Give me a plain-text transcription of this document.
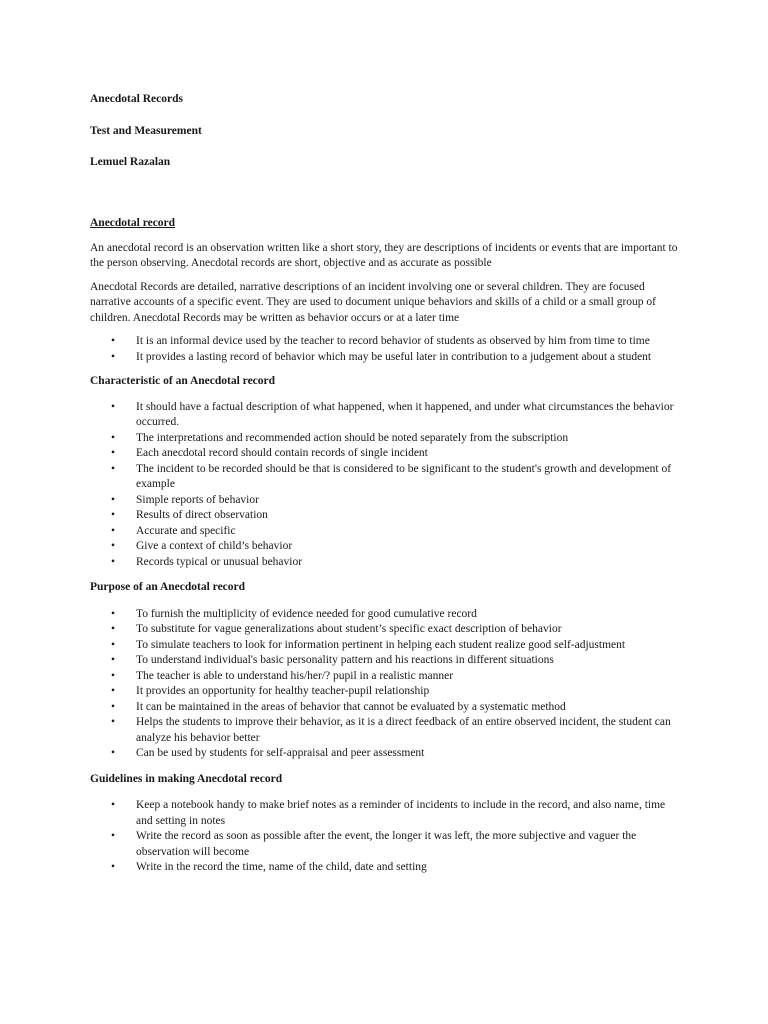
Anecdotal Records
Test and Measurement
Lemuel Razalan
Anecdotal record

An anecdotal record is an observation written like a short story, they are descriptions of incidents or events that are important to the person observing. Anecdotal records are short, objective and as accurate as possible

Anecdotal Records are detailed, narrative descriptions of an incident involving one or several children. They are focused narrative accounts of a specific event. They are used to document unique behaviors and skills of a child or a small group of children. Anecdotal Records may be written as behavior occurs or at a later time

• It is an informal device used by the teacher to record behavior of students as observed by him from time to time
• It provides a lasting record of behavior which may be useful later in contribution to a judgement about a student
Characteristic of an Anecdotal record
• It should have a factual description of what happened, when it happened, and under what circumstances the behavior occurred.
• The interpretations and recommended action should be noted separately from the subscription
• Each anecdotal record should contain records of single incident
• The incident to be recorded should be that is considered to be significant to the student's growth and development of example
• Simple reports of behavior
• Results of direct observation
• Accurate and specific
• Give a context of child’s behavior
• Records typical or unusual behavior
Purpose of an Anecdotal record
• To furnish the multiplicity of evidence needed for good cumulative record
• To substitute for vague generalizations about student’s specific exact description of behavior
• To simulate teachers to look for information pertinent in helping each student realize good self-adjustment
• To understand individual's basic personality pattern and his reactions in different situations
• The teacher is able to understand his/her/? pupil in a realistic manner
• It provides an opportunity for healthy teacher-pupil relationship
• It can be maintained in the areas of behavior that cannot be evaluated by a systematic method
• Helps the students to improve their behavior, as it is a direct feedback of an entire observed incident, the student can analyze his behavior better
• Can be used by students for self-appraisal and peer assessment
Guidelines in making Anecdotal record
• Keep a notebook handy to make brief notes as a reminder of incidents to include in the record, and also name, time and setting in notes
• Write the record as soon as possible after the event, the longer it was left, the more subjective and vaguer the observation will become
• Write in the record the time, name of the child, date and setting
